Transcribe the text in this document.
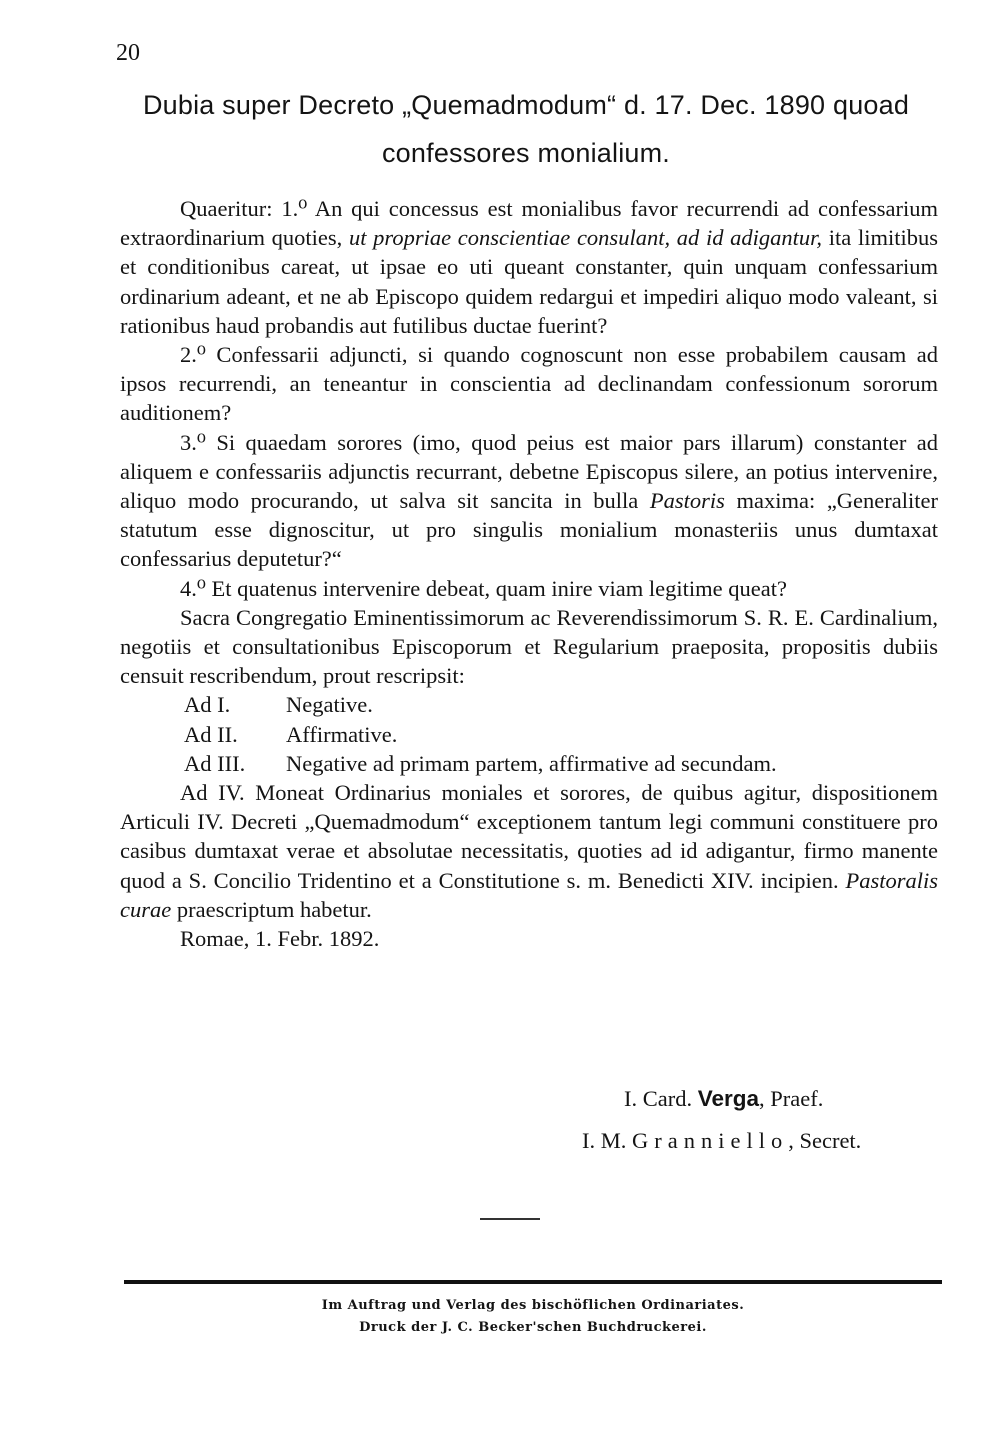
20
Dubia super Decreto „Quemadmodum“ d. 17. Dec. 1890 quoad
confessores monialium.

Quaeritur: 1.⁰ An qui concessus est monialibus favor recurrendi ad confessarium extraordinarium quoties, ut propriae conscientiae consulant, ad id adigantur, ita limitibus et conditionibus careat, ut ipsae eo uti queant constanter, quin unquam confessarium ordinarium adeant, et ne ab Episcopo quidem redargui et impediri aliquo modo valeant, si rationibus haud probandis aut futilibus ductae fuerint?

2.⁰ Confessarii adjuncti, si quando cognoscunt non esse probabilem causam ad ipsos recurrendi, an teneantur in conscientia ad declinandam confessionum sororum auditionem?

3.⁰ Si quaedam sorores (imo, quod peius est maior pars illarum) constanter ad aliquem e confessariis adjunctis recurrant, debetne Episcopus silere, an potius intervenire, aliquo modo procurando, ut salva sit sancita in bulla Pastoris maxima: „Generaliter statutum esse dignoscitur, ut pro singulis monialium monasteriis unus dumtaxat confessarius deputetur?“

4.⁰ Et quatenus intervenire debeat, quam inire viam legitime queat?

Sacra Congregatio Eminentissimorum ac Reverendissimorum S. R. E. Cardinalium, negotiis et consultationibus Episcoporum et Regularium praeposita, propositis dubiis censuit rescribendum, prout rescripsit:

Ad I.	Negative.

Ad II.	Affirmative.

Ad III.	Negative ad primam partem, affirmative ad secundam.

Ad IV. Moneat Ordinarius moniales et sorores, de quibus agitur, dispositionem Articuli IV. Decreti „Quemadmodum“ exceptionem tantum legi communi constituere pro casibus dumtaxat verae et absolutae necessitatis, quoties ad id adigantur, firmo manente quod a S. Concilio Tridentino et a Constitutione s. m. Benedicti XIV. incipien. Pastoralis curae praescriptum habetur.

Romae, 1. Febr. 1892.

I. Card. Verga, Praef.
I. M. Granniello, Secret.
Im Auftrag und Verlag des bischöflichen Ordinariates.
Druck der J. C. Becker'schen Buchdruckerei.
